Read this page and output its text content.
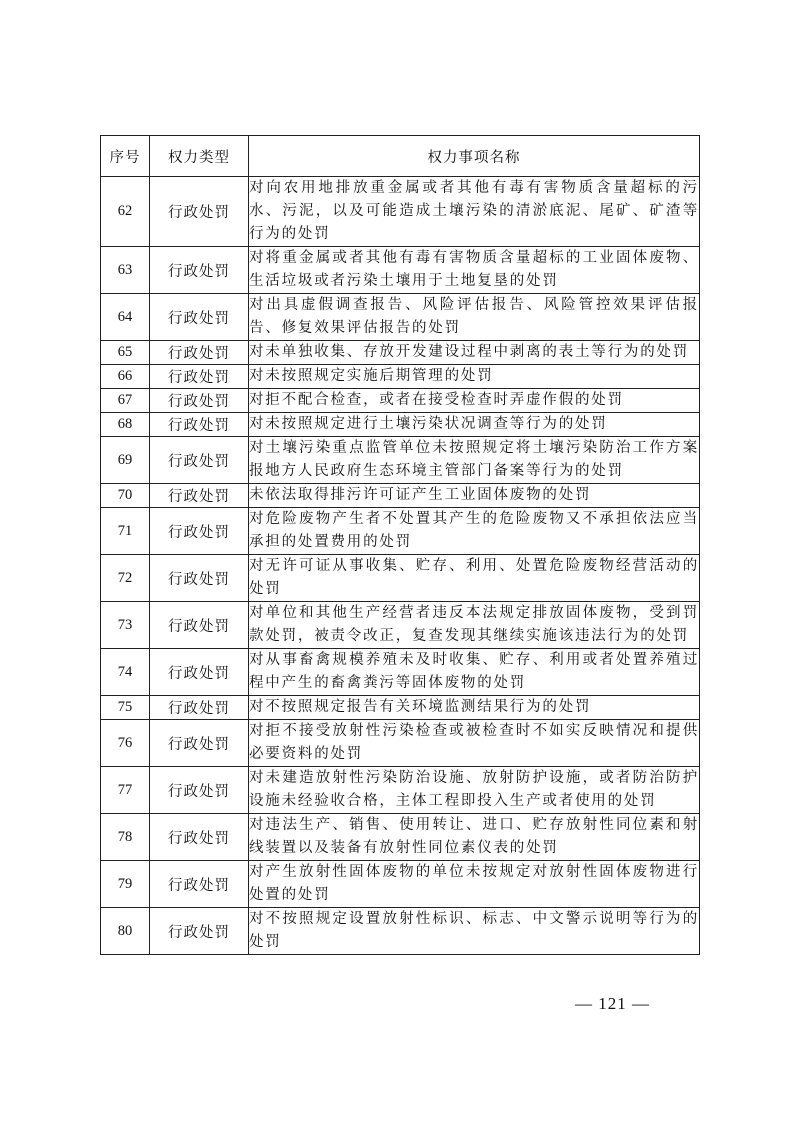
序号	权力类型	权力事项名称
62	行政处罚	对向农用地排放重金属或者其他有毒有害物质含量超标的污水、污泥，以及可能造成土壤污染的清淤底泥、尾矿、矿渣等行为的处罚
63	行政处罚	对将重金属或者其他有毒有害物质含量超标的工业固体废物、生活垃圾或者污染土壤用于土地复垦的处罚
64	行政处罚	对出具虚假调查报告、风险评估报告、风险管控效果评估报告、修复效果评估报告的处罚
65	行政处罚	对未单独收集、存放开发建设过程中剥离的表土等行为的处罚
66	行政处罚	对未按照规定实施后期管理的处罚
67	行政处罚	对拒不配合检查，或者在接受检查时弄虚作假的处罚
68	行政处罚	对未按照规定进行土壤污染状况调查等行为的处罚
69	行政处罚	对土壤污染重点监管单位未按照规定将土壤污染防治工作方案报地方人民政府生态环境主管部门备案等行为的处罚
70	行政处罚	未依法取得排污许可证产生工业固体废物的处罚
71	行政处罚	对危险废物产生者不处置其产生的危险废物又不承担依法应当承担的处置费用的处罚
72	行政处罚	对无许可证从事收集、贮存、利用、处置危险废物经营活动的处罚
73	行政处罚	对单位和其他生产经营者违反本法规定排放固体废物，受到罚款处罚，被责令改正，复查发现其继续实施该违法行为的处罚
74	行政处罚	对从事畜禽规模养殖未及时收集、贮存、利用或者处置养殖过程中产生的畜禽粪污等固体废物的处罚
75	行政处罚	对不按照规定报告有关环境监测结果行为的处罚
76	行政处罚	对拒不接受放射性污染检查或被检查时不如实反映情况和提供必要资料的处罚
77	行政处罚	对未建造放射性污染防治设施、放射防护设施，或者防治防护设施未经验收合格，主体工程即投入生产或者使用的处罚
78	行政处罚	对违法生产、销售、使用转让、进口、贮存放射性同位素和射线装置以及装备有放射性同位素仪表的处罚
79	行政处罚	对产生放射性固体废物的单位未按规定对放射性固体废物进行处置的处罚
80	行政处罚	对不按照规定设置放射性标识、标志、中文警示说明等行为的处罚
— 121 —
